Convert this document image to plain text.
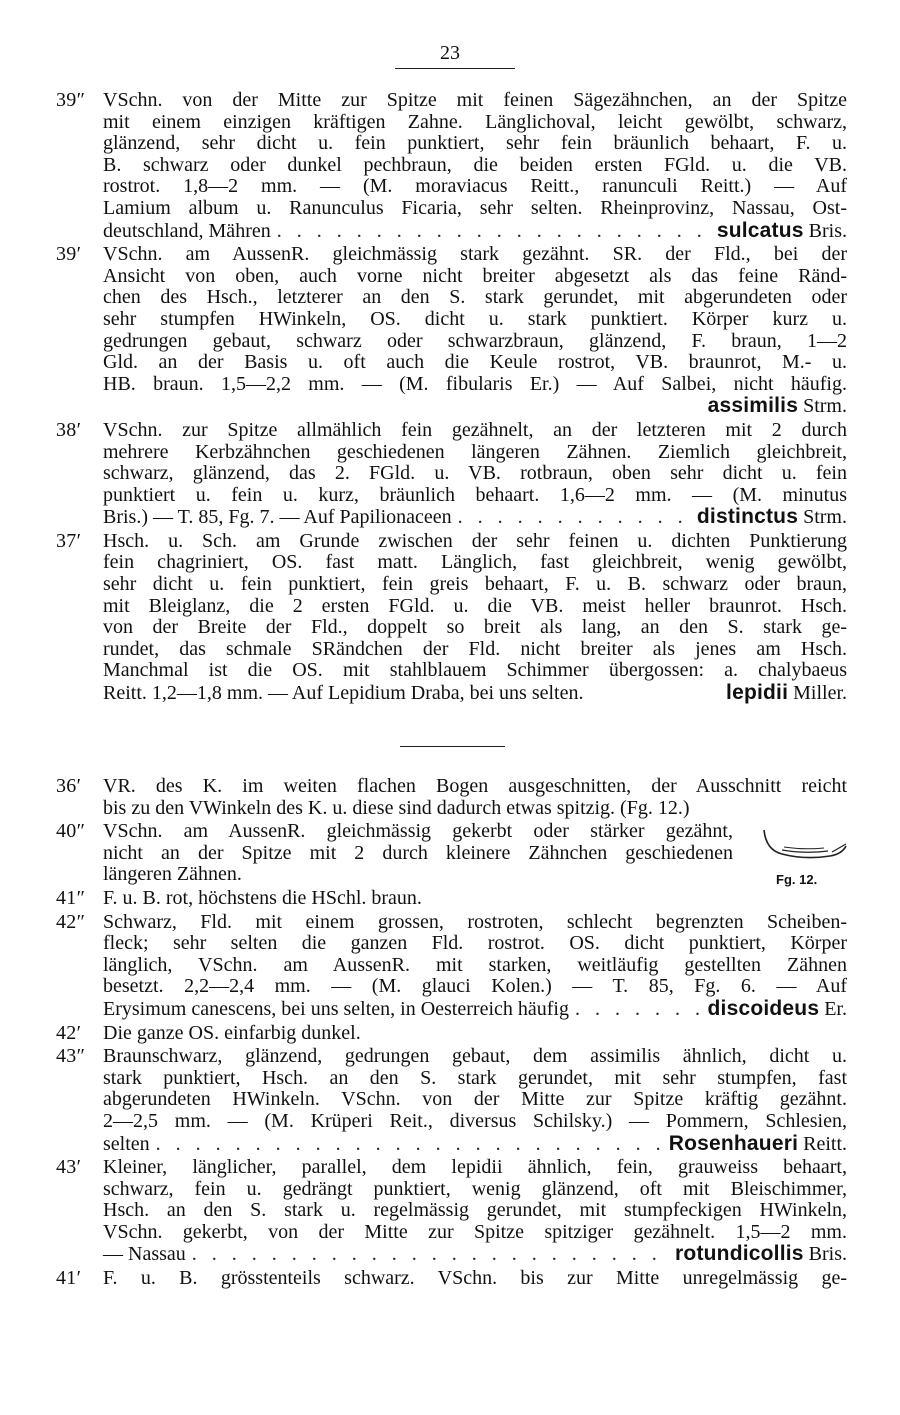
23
39″ VSchn. von der Mitte zur Spitze mit feinen Sägezähnchen, an der Spitze
mit einem einzigen kräftigen Zahne. Länglichoval, leicht gewölbt, schwarz,
glänzend, sehr dicht u. fein punktiert, sehr fein bräunlich behaart, F. u.
B. schwarz oder dunkel pechbraun, die beiden ersten FGld. u. die VB.
rostrot. 1,8—2 mm. — (M. moraviacus Reitt., ranunculi Reitt.) — Auf
Lamium album u. Ranunculus Ficaria, sehr selten. Rheinprovinz, Nassau, Ost-
deutschland, Mähren . . .	sulcatus Bris.
39′ VSchn. am AussenR. gleichmässig stark gezähnt. SR. der Fld., bei der
Ansicht von oben, auch vorne nicht breiter abgesetzt als das feine Ränd-
chen des Hsch., letzterer an den S. stark gerundet, mit abgerundeten oder
sehr stumpfen HWinkeln, OS. dicht u. stark punktiert. Körper kurz u.
gedrungen gebaut, schwarz oder schwarzbraun, glänzend, F. braun, 1—2
Gld. an der Basis u. oft auch die Keule rostrot, VB. braunrot, M.- u.
HB. braun. 1,5—2,2 mm. — (M. fibularis Er.) — Auf Salbei, nicht häufig.
assimilis Strm.
38′ VSchn. zur Spitze allmählich fein gezähnelt, an der letzteren mit 2 durch
mehrere Kerbzähnchen geschiedenen längeren Zähnen. Ziemlich gleichbreit,
schwarz, glänzend, das 2. FGld. u. VB. rotbraun, oben sehr dicht u. fein
punktiert u. fein u. kurz, bräunlich behaart. 1,6—2 mm. — (M. minutus
Bris.) — T. 85, Fg. 7. — Auf Papilionaceen . . .	distinctus Strm.
37′ Hsch. u. Sch. am Grunde zwischen der sehr feinen u. dichten Punktierung
fein chagriniert, OS. fast matt. Länglich, fast gleichbreit, wenig gewölbt,
sehr dicht u. fein punktiert, fein greis behaart, F. u. B. schwarz oder braun,
mit Bleiglanz, die 2 ersten FGld. u. die VB. meist heller braunrot. Hsch.
von der Breite der Fld., doppelt so breit als lang, an den S. stark ge-
rundet, das schmale SRändchen der Fld. nicht breiter als jenes am Hsch.
Manchmal ist die OS. mit stahlblauem Schimmer übergossen: a. chalybaeus
Reitt. 1,2—1,8 mm. — Auf Lepidium Draba, bei uns selten.	lepidii Miller.
36′ VR. des K. im weiten flachen Bogen ausgeschnitten, der Ausschnitt reicht
bis zu den VWinkeln des K. u. diese sind dadurch etwas spitzig. (Fg. 12.)
40″ VSchn. am AussenR. gleichmässig gekerbt oder stärker gezähnt,
nicht an der Spitze mit 2 durch kleinere Zähnchen geschiedenen
längeren Zähnen.
41″ F. u. B. rot, höchstens die HSchl. braun.
42″ Schwarz, Fld. mit einem grossen, rostroten, schlecht begrenzten Scheiben-
fleck; sehr selten die ganzen Fld. rostrot. OS. dicht punktiert, Körper
länglich, VSchn. am AussenR. mit starken, weitläufig gestellten Zähnen
besetzt. 2,2—2,4 mm. — (M. glauci Kolen.) — T. 85, Fg. 6. — Auf
Erysimum canescens, bei uns selten, in Oesterreich häufig . . .	discoideus Er.
42′ Die ganze OS. einfarbig dunkel.
43″ Braunschwarz, glänzend, gedrungen gebaut, dem assimilis ähnlich, dicht u.
stark punktiert, Hsch. an den S. stark gerundet, mit sehr stumpfen, fast
abgerundeten HWinkeln. VSchn. von der Mitte zur Spitze kräftig gezähnt.
2—2,5 mm. — (M. Krüperi Reit., diversus Schilsky.) — Pommern, Schlesien,
selten . . .	Rosenhaueri Reitt.
43′ Kleiner, länglicher, parallel, dem lepidii ähnlich, fein, grauweiss behaart,
schwarz, fein u. gedrängt punktiert, wenig glänzend, oft mit Bleischimmer,
Hsch. an den S. stark u. regelmässig gerundet, mit stumpfeckigen HWinkeln,
VSchn. gekerbt, von der Mitte zur Spitze spitziger gezähnelt. 1,5—2 mm.
— Nassau . . .	rotundicollis Bris.
41′ F. u. B. grösstenteils schwarz. VSchn. bis zur Mitte unregelmässig ge-
Fg. 12.
